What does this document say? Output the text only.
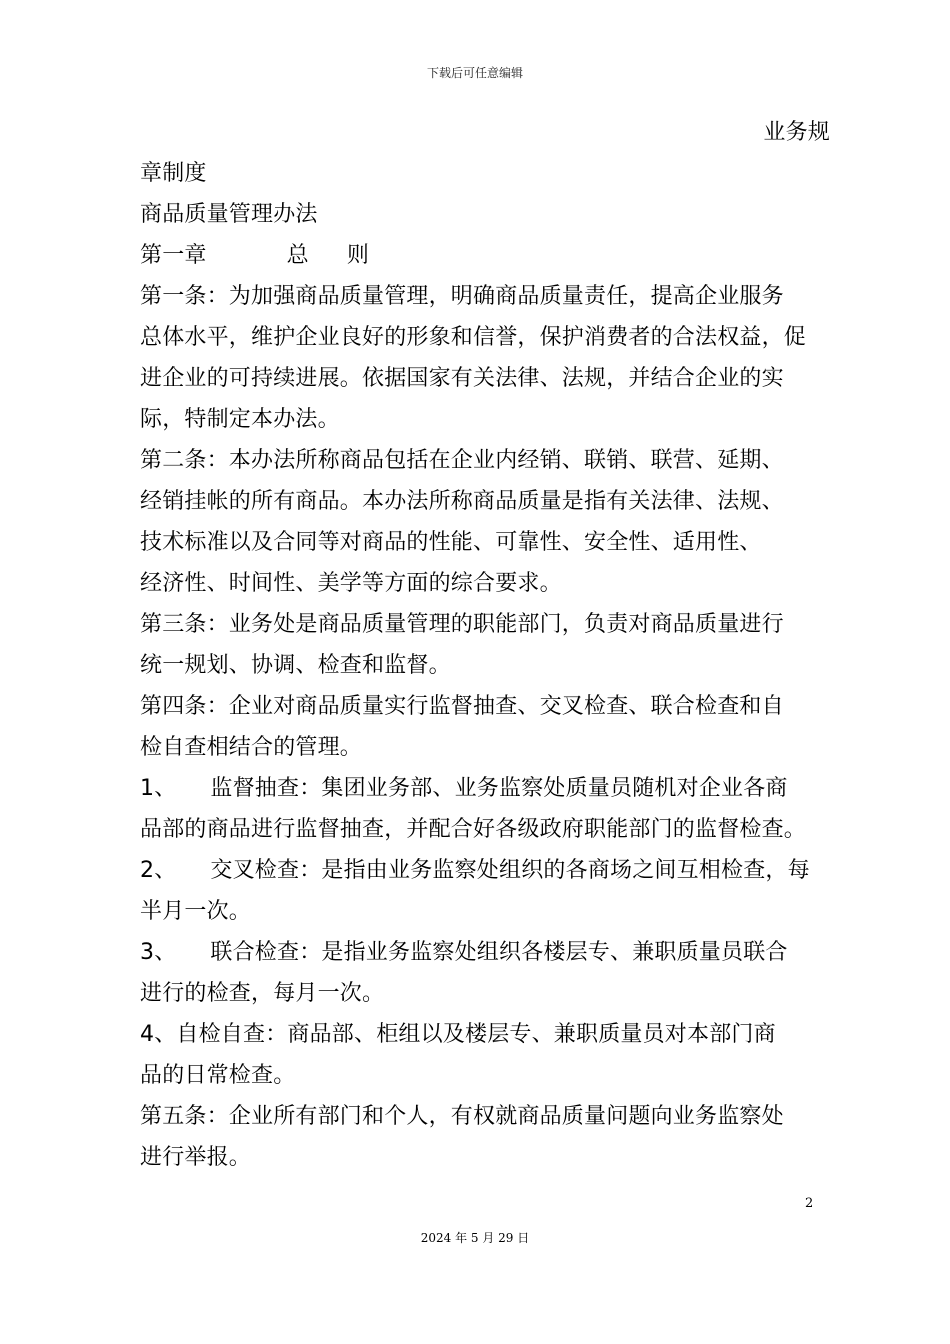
下载后可任意编辑

业务规

章制度

商品质量管理办法

第一章	总 则

第一条：为加强商品质量管理，明确商品质量责任，提高企业服务

总体水平，维护企业良好的形象和信誉，保护消费者的合法权益，促

进企业的可持续进展。依据国家有关法律、法规，并结合企业的实

际，特制定本办法。

第二条：本办法所称商品包括在企业内经销、联销、联营、延期、

经销挂帐的所有商品。本办法所称商品质量是指有关法律、法规、

技术标准以及合同等对商品的性能、可靠性、安全性、适用性、

经济性、时间性、美学等方面的综合要求。

第三条：业务处是商品质量管理的职能部门，负责对商品质量进行

统一规划、协调、检查和监督。

第四条：企业对商品质量实行监督抽查、交叉检查、联合检查和自

检自查相结合的管理。

1、 监督抽查：集团业务部、业务监察处质量员随机对企业各商

品部的商品进行监督抽查，并配合好各级政府职能部门的监督检查。

2、 交叉检查：是指由业务监察处组织的各商场之间互相检查，每

半月一次。

3、 联合检查：是指业务监察处组织各楼层专、兼职质量员联合

进行的检查，每月一次。

4、自检自查：商品部、柜组以及楼层专、兼职质量员对本部门商

品的日常检查。

第五条：企业所有部门和个人，有权就商品质量问题向业务监察处

进行举报。

2
2024 年 5 月 29 日
